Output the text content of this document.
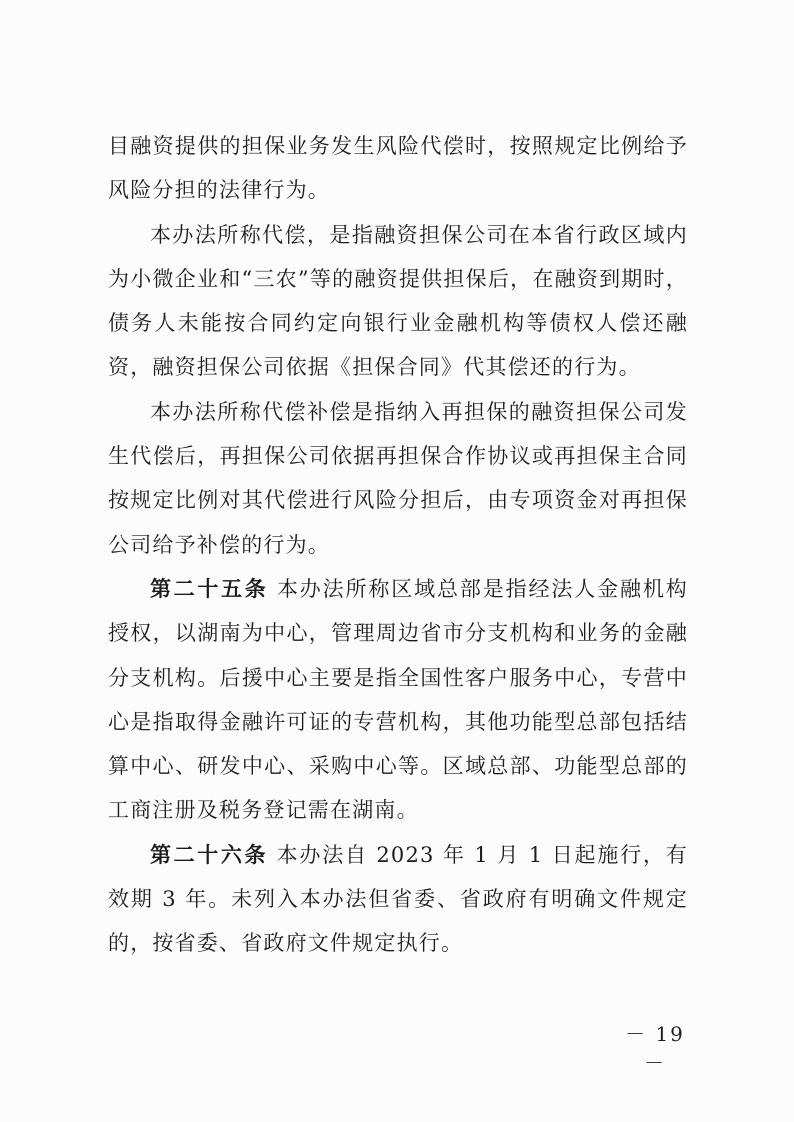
目融资提供的担保业务发生风险代偿时，按照规定比例给予风险分担的法律行为。

本办法所称代偿，是指融资担保公司在本省行政区域内为小微企业和“三农”等的融资提供担保后，在融资到期时，债务人未能按合同约定向银行业金融机构等债权人偿还融资，融资担保公司依据《担保合同》代其偿还的行为。

本办法所称代偿补偿是指纳入再担保的融资担保公司发生代偿后，再担保公司依据再担保合作协议或再担保主合同按规定比例对其代偿进行风险分担后，由专项资金对再担保公司给予补偿的行为。

第二十五条 本办法所称区域总部是指经法人金融机构授权，以湖南为中心，管理周边省市分支机构和业务的金融分支机构。后援中心主要是指全国性客户服务中心，专营中心是指取得金融许可证的专营机构，其他功能型总部包括结算中心、研发中心、采购中心等。区域总部、功能型总部的工商注册及税务登记需在湖南。

第二十六条 本办法自 2023 年 1 月 1 日起施行，有效期 3 年。未列入本办法但省委、省政府有明确文件规定的，按省委、省政府文件规定执行。

－ 19 －
